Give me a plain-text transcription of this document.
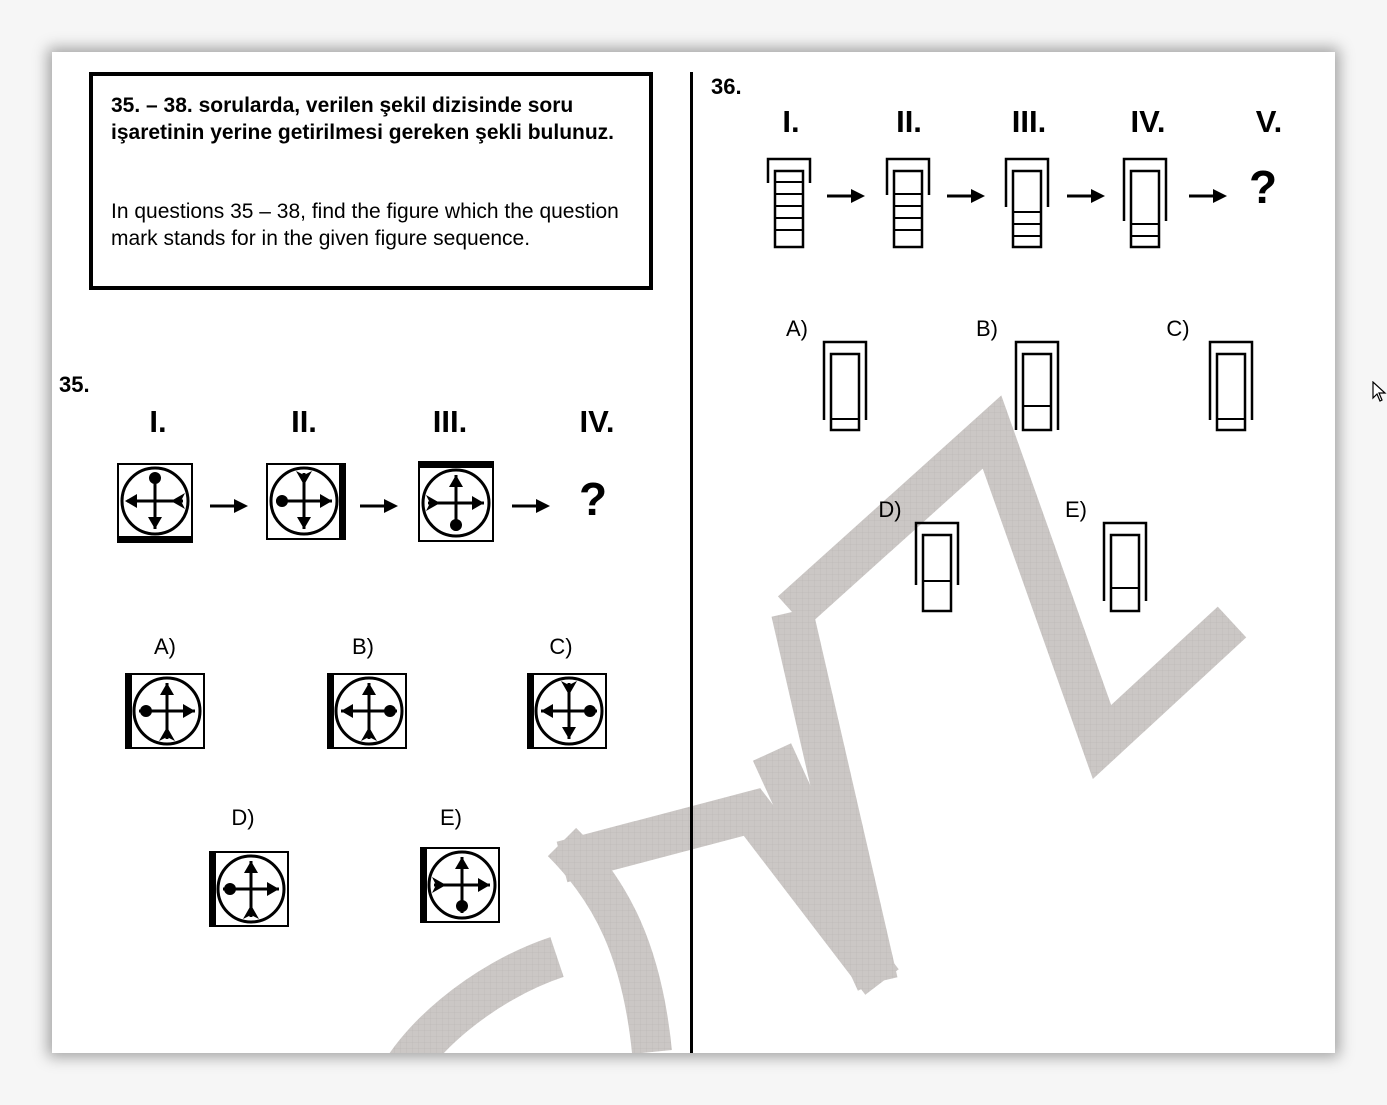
35. – 38. sorularda, verilen şekil dizisinde soru işaretinin yerine getirilmesi gereken şekli bulunuz.
In questions 35 – 38, find the figure which the question mark stands for in the given figure sequence.
35.
I.	II.	III.	IV.
?
A)	B)	C)
D)	E)
36.
I.	II.	III.	IV.	V.
?
A)	B)	C)
D)	E)
